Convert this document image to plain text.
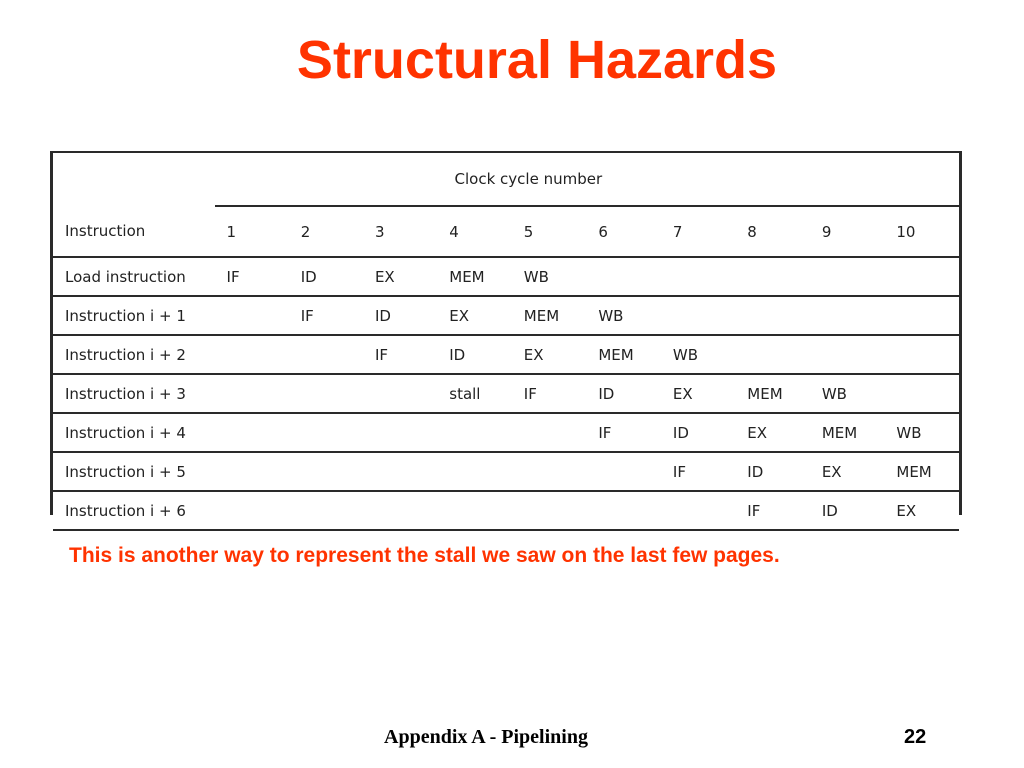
Structural Hazards
	Clock cycle number									
Instruction	1	2	3	4	5	6	7	8	9	10
Load instruction	IF	ID	EX	MEM	WB					
Instruction i + 1		IF	ID	EX	MEM	WB				
Instruction i + 2			IF	ID	EX	MEM	WB			
Instruction i + 3				stall	IF	ID	EX	MEM	WB	
Instruction i + 4						IF	ID	EX	MEM	WB
Instruction i + 5							IF	ID	EX	MEM
Instruction i + 6								IF	ID	EX
This is another way to represent the stall we saw on the last few pages.
Appendix A - Pipelining	22
